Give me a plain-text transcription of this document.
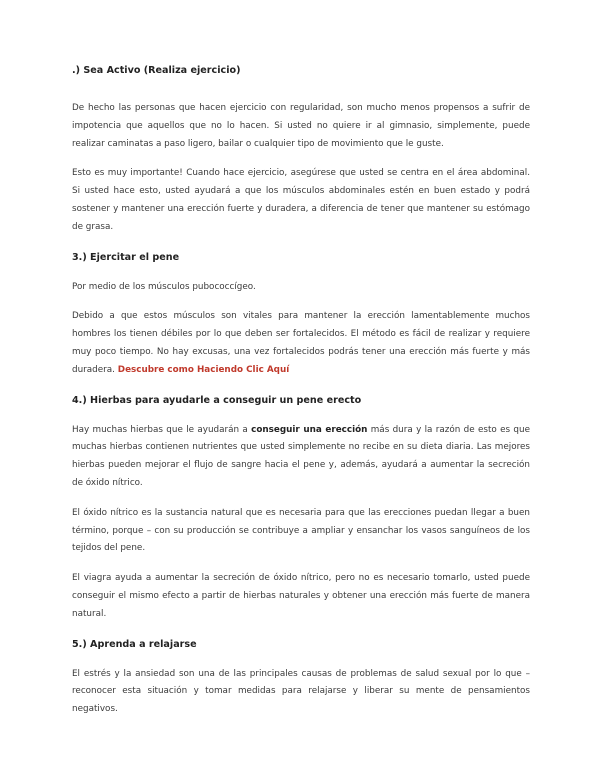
.) Sea Activo (Realiza ejercicio)

De hecho las personas que hacen ejercicio con regularidad, son mucho menos propensos a sufrir de impotencia que aquellos que no lo hacen. Si usted no quiere ir al gimnasio, simplemente, puede realizar caminatas a paso ligero, bailar o cualquier tipo de movimiento que le guste.

Esto es muy importante! Cuando hace ejercicio, asegúrese que usted se centra en el área abdominal. Si usted hace esto, usted ayudará a que los músculos abdominales estén en buen estado y podrá sostener y mantener una erección fuerte y duradera, a diferencia de tener que mantener su estómago de grasa.

3.) Ejercitar el pene

Por medio de los músculos pubococcígeo.

Debido a que estos músculos son vitales para mantener la erección lamentablemente muchos hombres los tienen débiles por lo que deben ser fortalecidos. El método es fácil de realizar y requiere muy poco tiempo. No hay excusas, una vez fortalecidos podrás tener una erección más fuerte y más duradera. Descubre como Haciendo Clic Aquí

4.) Hierbas para ayudarle a conseguir un pene erecto

Hay muchas hierbas que le ayudarán a conseguir una erección más dura y la razón de esto es que muchas hierbas contienen nutrientes que usted simplemente no recibe en su dieta diaria. Las mejores hierbas pueden mejorar el flujo de sangre hacia el pene y, además, ayudará a aumentar la secreción de óxido nítrico.

El óxido nítrico es la sustancia natural que es necesaria para que las erecciones puedan llegar a buen término, porque – con su producción se contribuye a ampliar y ensanchar los vasos sanguíneos de los tejidos del pene.

El viagra ayuda a aumentar la secreción de óxido nítrico, pero no es necesario tomarlo, usted puede conseguir el mismo efecto a partir de hierbas naturales y obtener una erección más fuerte de manera natural.

5.) Aprenda a relajarse

El estrés y la ansiedad son una de las principales causas de problemas de salud sexual por lo que – reconocer esta situación y tomar medidas para relajarse y liberar su mente de pensamientos negativos.
